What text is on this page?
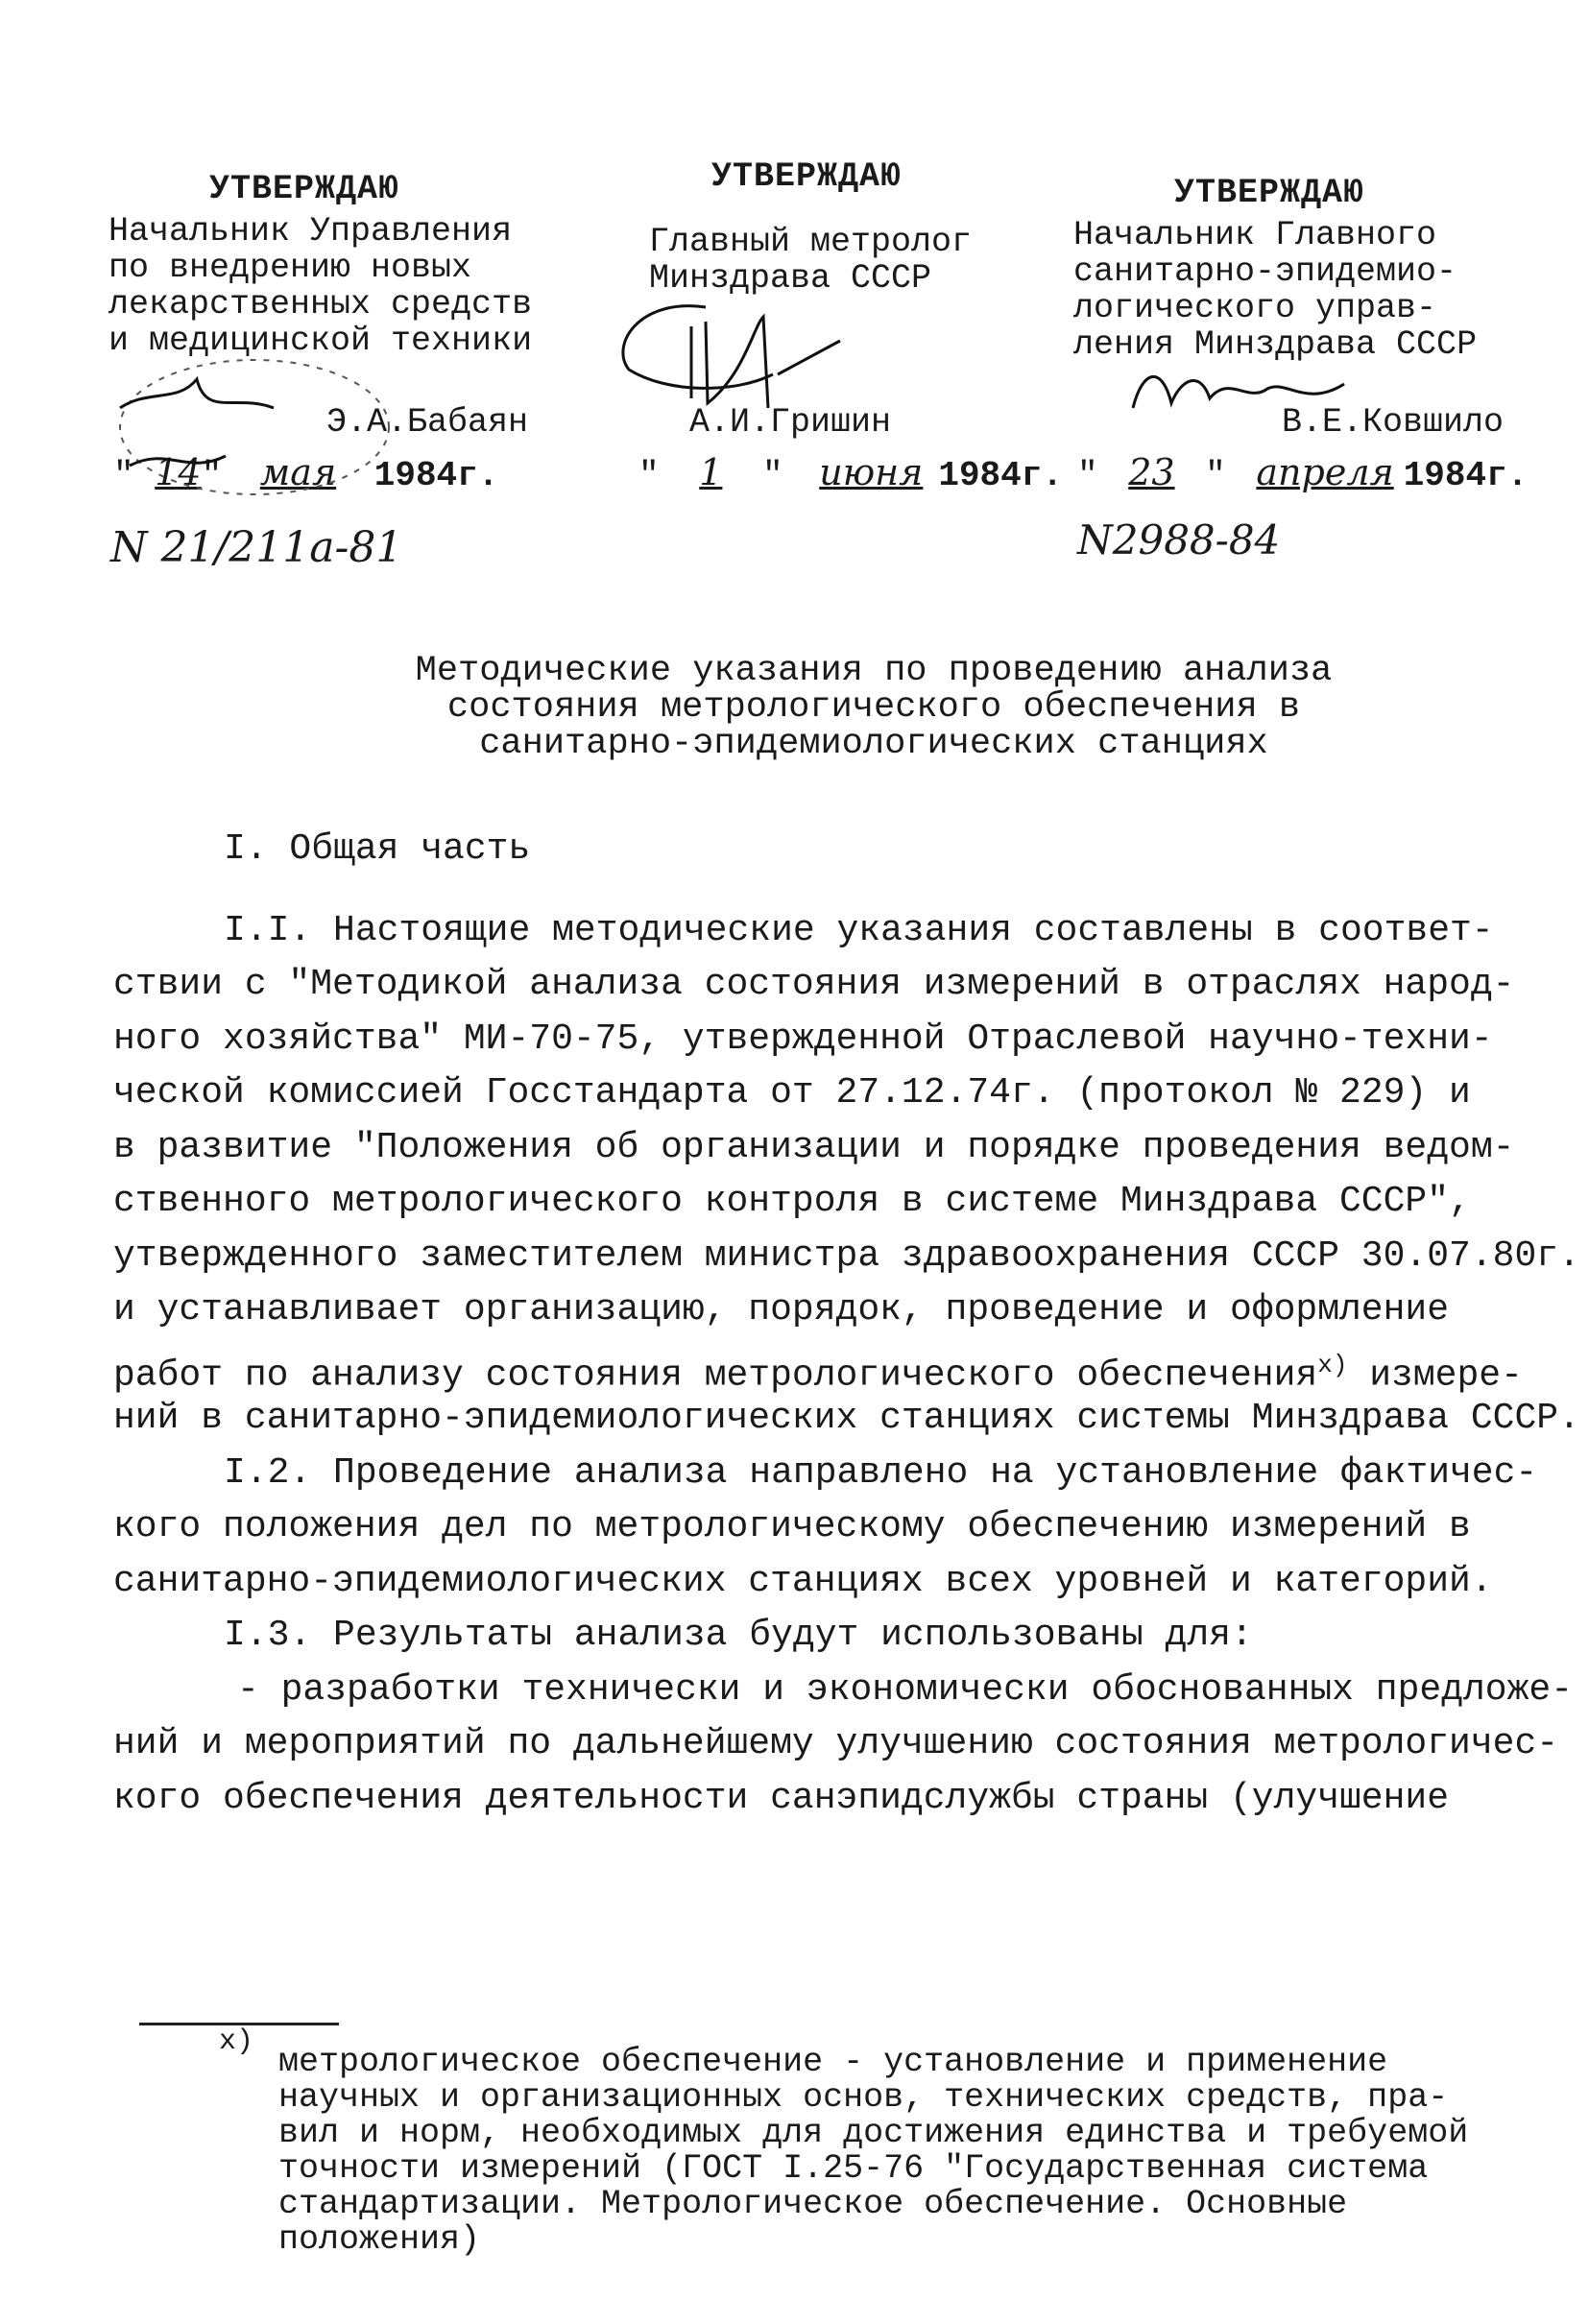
УТВЕРЖДАЮ
Начальник Управления
по внедрению новых
лекарственных средств
и медицинской техники
Э.А.Бабаян
" 14" мая 1984г.
N 21/211а-81
УТВЕРЖДАЮ
Главный метролог
Минздрава СССР
А.И.Гришин
" 1 " июня 1984г.
УТВЕРЖДАЮ
Начальник Главного
санитарно-эпидемио-
логического управ-
ления Минздрава СССР
В.Е.Ковшило
" 23 " апреля 1984г.
N2988-84
Методические указания по проведению анализа
состояния метрологического обеспечения в
санитарно-эпидемиологических станциях
I. Общая часть
I.I. Настоящие методические указания составлены в соответ-
ствии с "Методикой анализа состояния измерений в отраслях народ-
ного хозяйства" МИ-70-75, утвержденной Отраслевой научно-техни-
ческой комиссией Госстандарта от 27.12.74г. (протокол № 229) и
в развитие "Положения об организации и порядке проведения ведом-
ственного метрологического контроля в системе Минздрава СССР",
утвержденного заместителем министра здравоохранения СССР 30.07.80г.
и устанавливает организацию, порядок, проведение и оформление
работ по анализу состояния метрологического обеспечения$^{x)}$ измере-
ний в санитарно-эпидемиологических станциях системы Минздрава СССР.
I.2. Проведение анализа направлено на установление фактичес-
кого положения дел по метрологическому обеспечению измерений в
санитарно-эпидемиологических станциях всех уровней и категорий.
I.3. Результаты анализа будут использованы для:
- разработки технически и экономически обоснованных предложе-
ний и мероприятий по дальнейшему улучшению состояния метрологичес-
кого обеспечения деятельности санэпидслужбы страны (улучшение
x)
метрологическое обеспечение - установление и применение
научных и организационных основ, технических средств, пра-
вил и норм, необходимых для достижения единства и требуемой
точности измерений (ГОСТ I.25-76 "Государственная система
стандартизации. Метрологическое обеспечение. Основные
положения)
